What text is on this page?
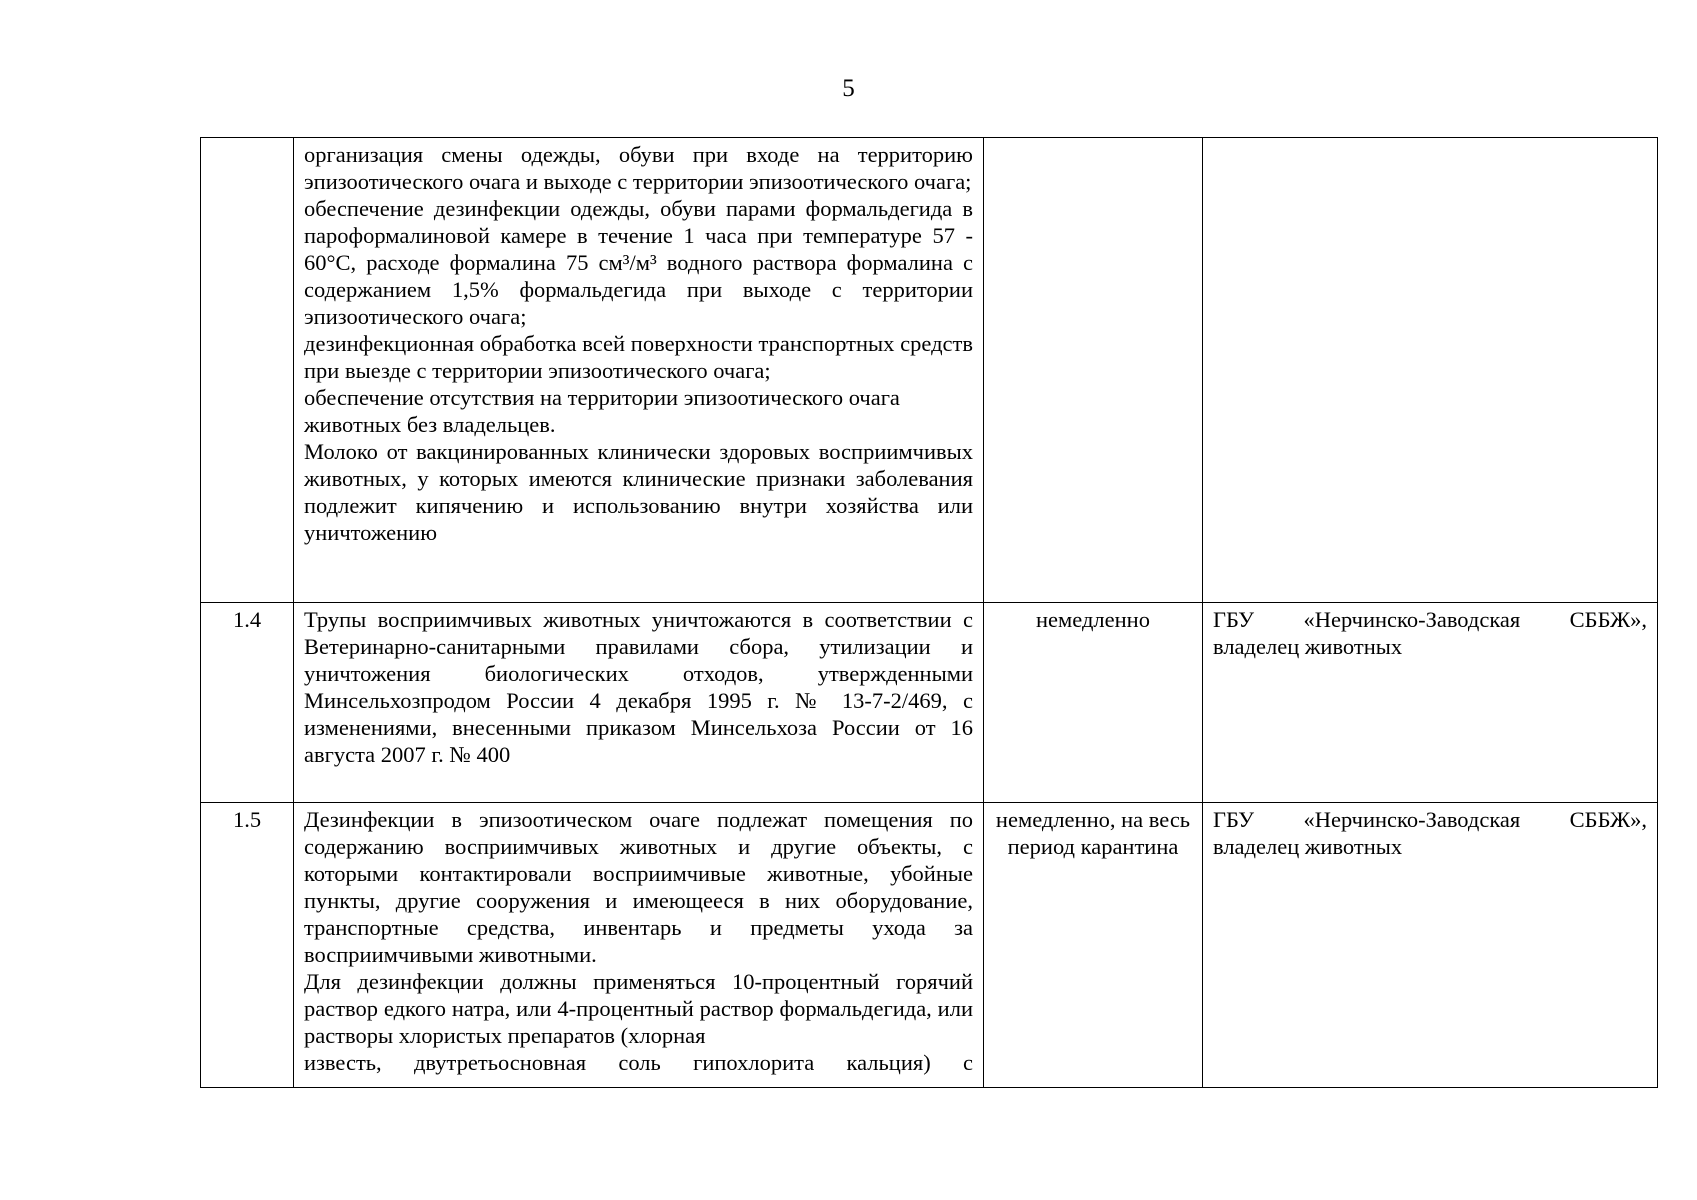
5

	организация смены одежды, обуви при входе на территорию эпизоотического очага и выходе с территории эпизоотического очага;

обеспечение дезинфекции одежды, обуви парами формальдегида в пароформалиновой камере в течение 1 часа при температуре 57 - 60°С, расходе формалина 75 см³/м³ водного раствора формалина с содержанием 1,5% формальдегида при выходе с территории эпизоотического очага;

дезинфекционная обработка всей поверхности транспортных средств при выезде с территории эпизоотического очага;

обеспечение отсутствия на территории эпизоотического очага животных без владельцев.

Молоко от вакцинированных клинически здоровых восприимчивых животных, у которых имеются клинические признаки заболевания подлежит кипячению и использованию внутри хозяйства или уничтожению		

1.4	Трупы восприимчивых животных уничтожаются в соответствии с Ветеринарно-санитарными правилами сбора, утилизации и уничтожения биологических отходов, утвержденными Минсельхозпродом России 4 декабря 1995 г. № 13-7-2/469, с изменениями, внесенными приказом Минсельхоза России от 16 августа 2007 г. № 400	немедленно	ГБУ «Нерчинско-Заводская СББЖ», владелец животных
1.5	Дезинфекции в эпизоотическом очаге подлежат помещения по содержанию восприимчивых животных и другие объекты, с которыми контактировали восприимчивые животные, убойные пункты, другие сооружения и имеющееся в них оборудование, транспортные средства, инвентарь и предметы ухода за восприимчивыми животными.

Для дезинфекции должны применяться 10-процентный горячий раствор едкого натра, или 4-процентный раствор формальдегида, или растворы хлористых препаратов (хлорная

известь, двутретьосновная соль гипохлорита кальция) с	немедленно, на весь период карантина	ГБУ «Нерчинско-Заводская СББЖ», владелец животных
